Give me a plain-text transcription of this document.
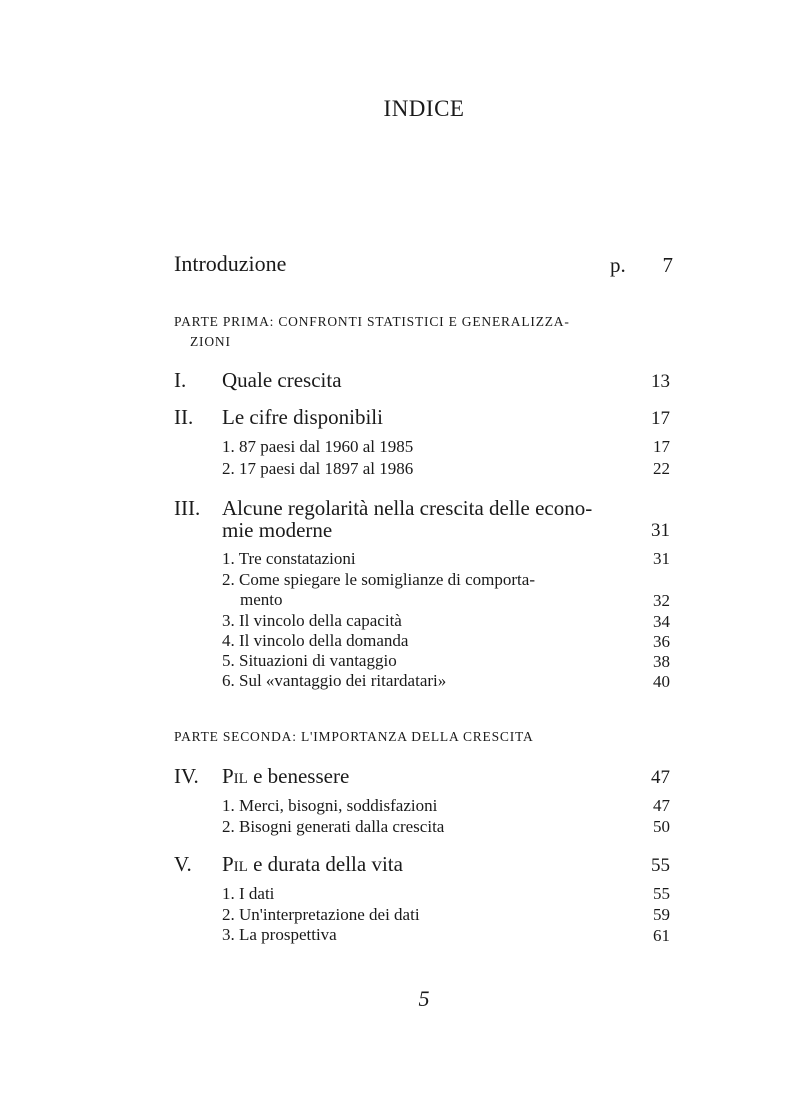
INDICE
Introduzione	p. 7
PARTE PRIMA: CONFRONTI STATISTICI E GENERALIZZA-
ZIONI
I. Quale crescita	13
II. Le cifre disponibili	17
1. 87 paesi dal 1960 al 1985	17
2. 17 paesi dal 1897 al 1986	22
III. Alcune regolarità nella crescita delle econo-
mie moderne	31
1. Tre constatazioni	31
2. Come spiegare le somiglianze di comporta-
mento	32
3. Il vincolo della capacità	34
4. Il vincolo della domanda	36
5. Situazioni di vantaggio	38
6. Sul «vantaggio dei ritardatari»	40
PARTE SECONDA: L'IMPORTANZA DELLA CRESCITA
IV. Pil e benessere	47
1. Merci, bisogni, soddisfazioni	47
2. Bisogni generati dalla crescita	50
V. Pil e durata della vita	55
1. I dati	55
2. Un'interpretazione dei dati	59
3. La prospettiva	61
5
